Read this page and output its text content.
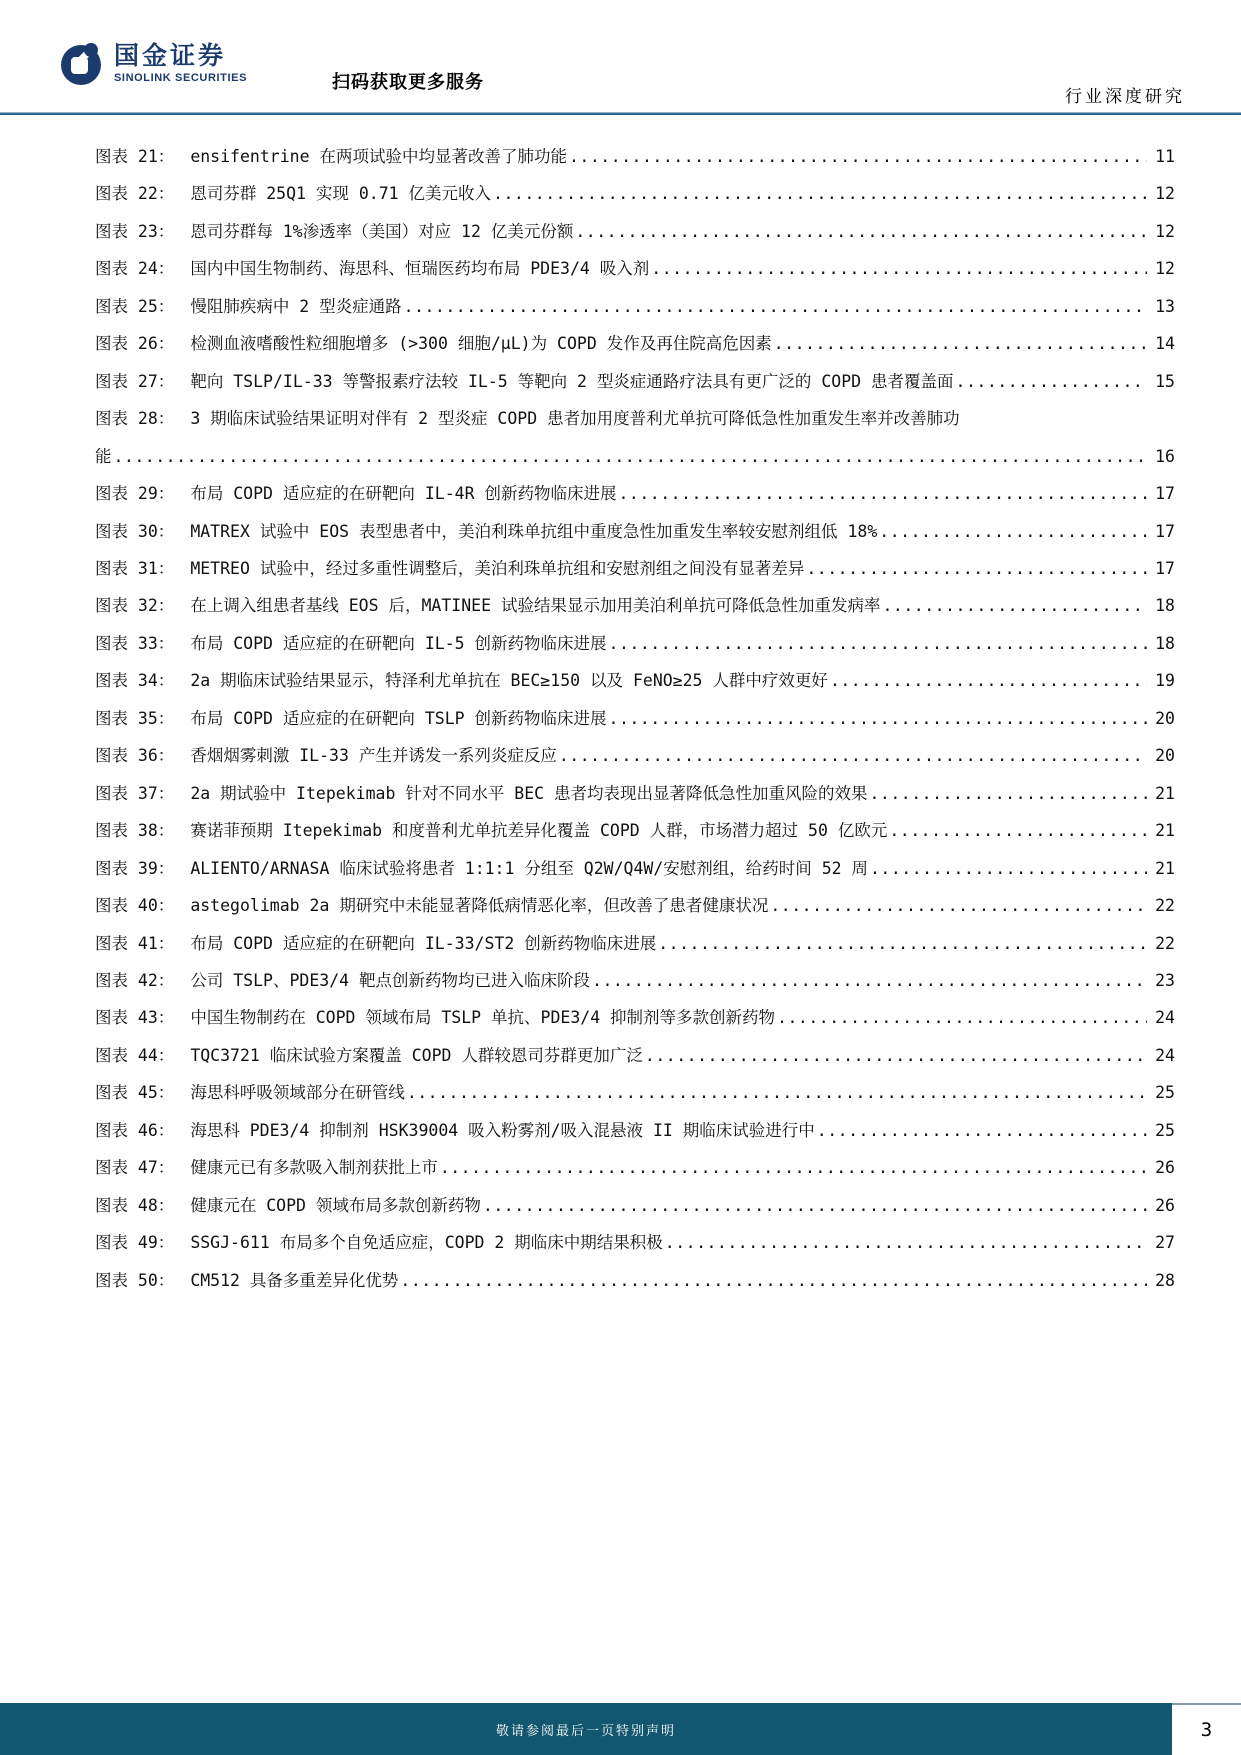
国金证券
SINOLINK SECURITIES	扫码获取更多服务
行业深度研究
图表 21： ensifentrine 在两项试验中均显著改善了肺功能 .....	11
图表 22： 恩司芬群 25Q1 实现 0.71 亿美元收入 .....	12
图表 23： 恩司芬群每 1%渗透率（美国）对应 12 亿美元份额 .....	12
图表 24： 国内中国生物制药、海思科、恒瑞医药均布局 PDE3/4 吸入剂 .....	12
图表 25： 慢阻肺疾病中 2 型炎症通路 .....	13
图表 26： 检测血液嗜酸性粒细胞增多 (>300 细胞/μL)为 COPD 发作及再住院高危因素 .....	14
图表 27： 靶向 TSLP/IL-33 等警报素疗法较 IL-5 等靶向 2 型炎症通路疗法具有更广泛的 COPD 患者覆盖面 .....	15
图表 28： 3 期临床试验结果证明对伴有 2 型炎症 COPD 患者加用度普利尤单抗可降低急性加重发生率并改善肺功
能 .....	16
图表 29： 布局 COPD 适应症的在研靶向 IL-4R 创新药物临床进展 .....	17
图表 30： MATREX 试验中 EOS 表型患者中，美泊利珠单抗组中重度急性加重发生率较安慰剂组低 18% .....	17
图表 31： METREO 试验中，经过多重性调整后，美泊利珠单抗组和安慰剂组之间没有显著差异 .....	17
图表 32： 在上调入组患者基线 EOS 后，MATINEE 试验结果显示加用美泊利单抗可降低急性加重发病率 .....	18
图表 33： 布局 COPD 适应症的在研靶向 IL-5 创新药物临床进展 .....	18
图表 34： 2a 期临床试验结果显示，特泽利尤单抗在 BEC≥150 以及 FeNO≥25 人群中疗效更好 .....	19
图表 35： 布局 COPD 适应症的在研靶向 TSLP 创新药物临床进展 .....	20
图表 36： 香烟烟雾刺激 IL-33 产生并诱发一系列炎症反应 .....	20
图表 37： 2a 期试验中 Itepekimab 针对不同水平 BEC 患者均表现出显著降低急性加重风险的效果 .....	21
图表 38： 赛诺菲预期 Itepekimab 和度普利尤单抗差异化覆盖 COPD 人群，市场潜力超过 50 亿欧元 .....	21
图表 39： ALIENTO/ARNASA 临床试验将患者 1:1:1 分组至 Q2W/Q4W/安慰剂组，给药时间 52 周 .....	21
图表 40： astegolimab 2a 期研究中未能显著降低病情恶化率，但改善了患者健康状况 .....	22
图表 41： 布局 COPD 适应症的在研靶向 IL-33/ST2 创新药物临床进展 .....	22
图表 42： 公司 TSLP、PDE3/4 靶点创新药物均已进入临床阶段 .....	23
图表 43： 中国生物制药在 COPD 领域布局 TSLP 单抗、PDE3/4 抑制剂等多款创新药物 .....	24
图表 44： TQC3721 临床试验方案覆盖 COPD 人群较恩司芬群更加广泛 .....	24
图表 45： 海思科呼吸领域部分在研管线 .....	25
图表 46： 海思科 PDE3/4 抑制剂 HSK39004 吸入粉雾剂/吸入混悬液 II 期临床试验进行中 .....	25
图表 47： 健康元已有多款吸入制剂获批上市 .....	26
图表 48： 健康元在 COPD 领域布局多款创新药物 .....	26
图表 49： SSGJ-611 布局多个自免适应症，COPD 2 期临床中期结果积极 .....	27
图表 50： CM512 具备多重差异化优势 .....	28
敬请参阅最后一页特别声明	3
